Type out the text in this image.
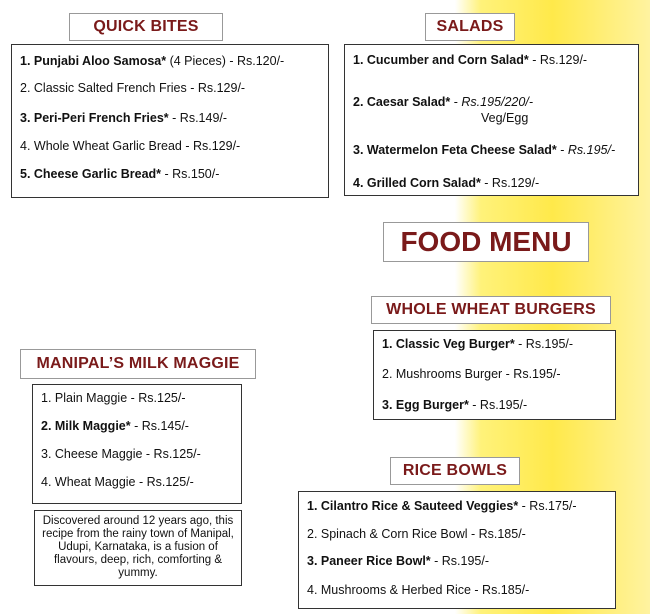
QUICK BITES
1. Punjabi Aloo Samosa* (4 Pieces) - Rs.120/-
2. Classic Salted French Fries - Rs.129/-
3. Peri-Peri French Fries* - Rs.149/-
4. Whole Wheat Garlic Bread - Rs.129/-
5. Cheese Garlic Bread* - Rs.150/-
SALADS
1. Cucumber and Corn Salad* - Rs.129/-
2. Caesar Salad* - Rs.195/220/-
Veg/Egg
3. Watermelon Feta Cheese Salad* - Rs.195/-
4. Grilled Corn Salad* - Rs.129/-
FOOD MENU
WHOLE WHEAT BURGERS
1. Classic Veg Burger* - Rs.195/-
2. Mushrooms Burger - Rs.195/-
3. Egg Burger* - Rs.195/-
MANIPAL’S MILK MAGGIE
1. Plain Maggie - Rs.125/-
2. Milk Maggie* - Rs.145/-
3. Cheese Maggie - Rs.125/-
4. Wheat Maggie - Rs.125/-
Discovered around 12 years ago, this recipe from the rainy town of Manipal, Udupi, Karnataka, is a fusion of flavours, deep, rich, comforting & yummy.
RICE BOWLS
1. Cilantro Rice & Sauteed Veggies* - Rs.175/-
2. Spinach & Corn Rice Bowl - Rs.185/-
3. Paneer Rice Bowl* - Rs.195/-
4. Mushrooms & Herbed Rice - Rs.185/-
